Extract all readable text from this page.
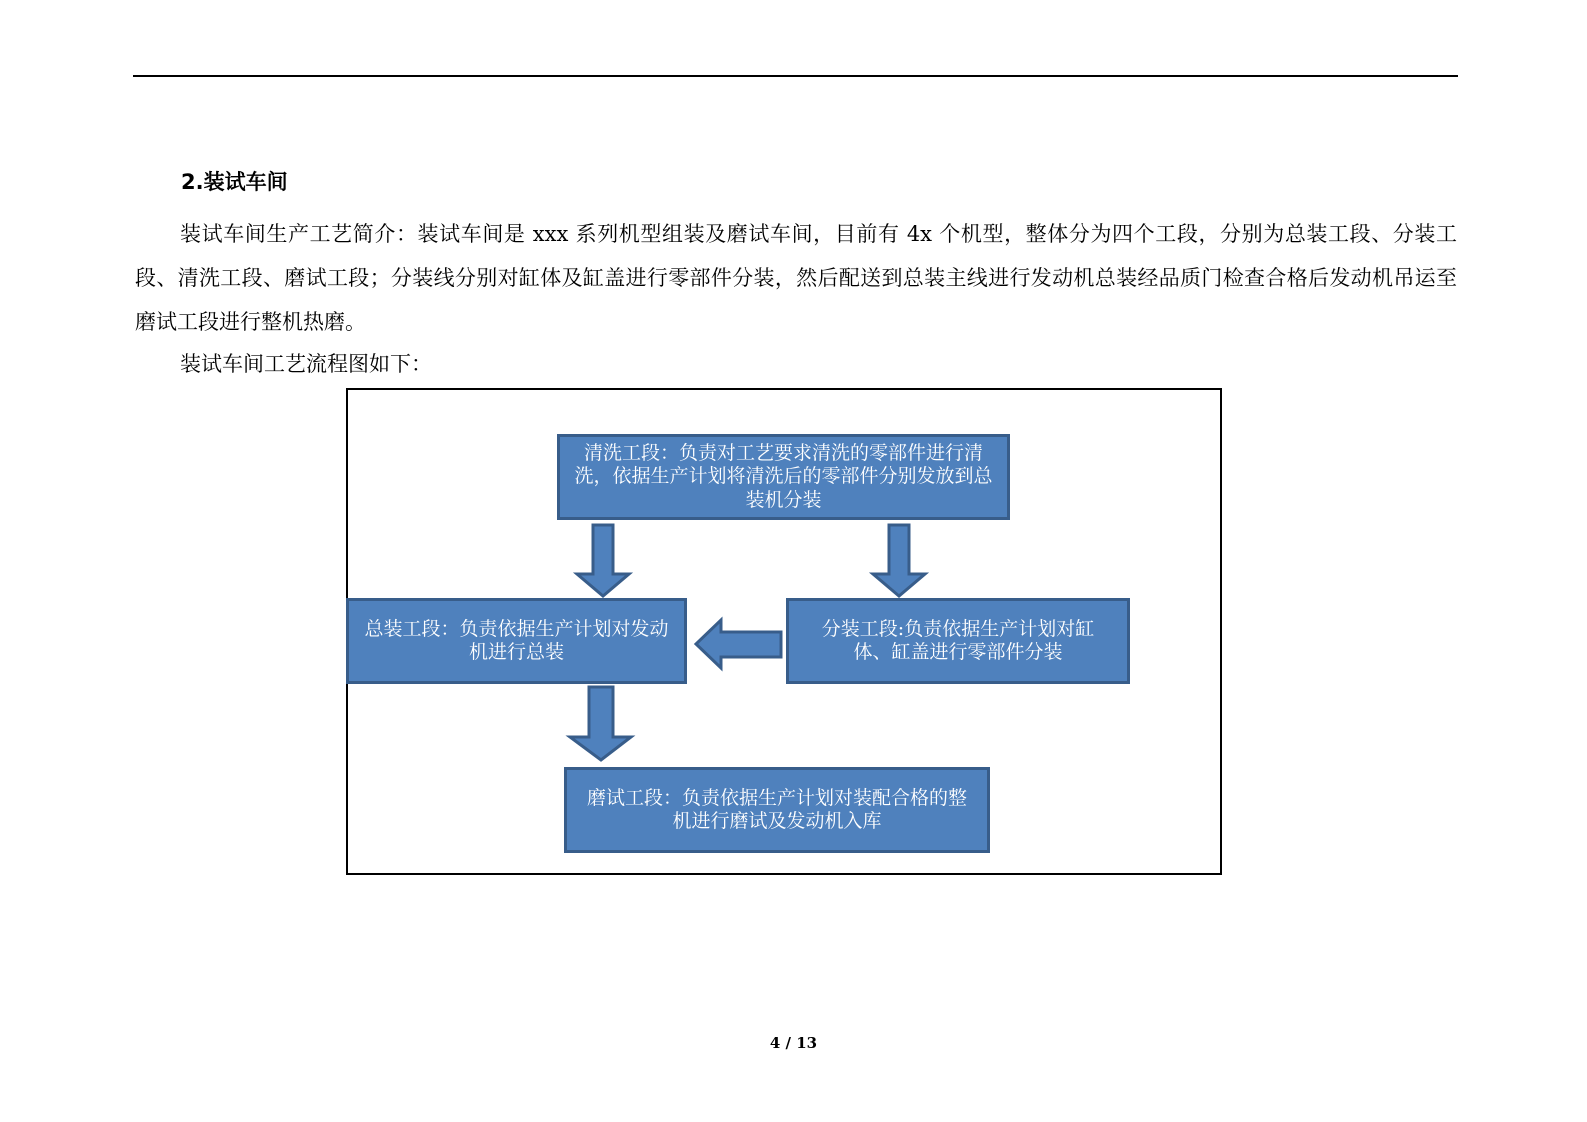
2.装试车间

装试车间生产工艺简介：装试车间是 xxx 系列机型组装及磨试车间，目前有 4x 个机型，整体分为四个工段，分别为总装工段、分装工段、清洗工段、磨试工段；分装线分别对缸体及缸盖进行零部件分装，然后配送到总装主线进行发动机总装经品质门检查合格后发动机吊运至磨试工段进行整机热磨。

装试车间工艺流程图如下：

清洗工段：负责对工艺要求清洗的零部件进行清洗，依据生产计划将清洗后的零部件分别发放到总装机分装
总装工段：负责依据生产计划对发动机进行总装
分装工段:负责依据生产计划对缸体、缸盖进行零部件分装
磨试工段：负责依据生产计划对装配合格的整机进行磨试及发动机入库
4 / 13
